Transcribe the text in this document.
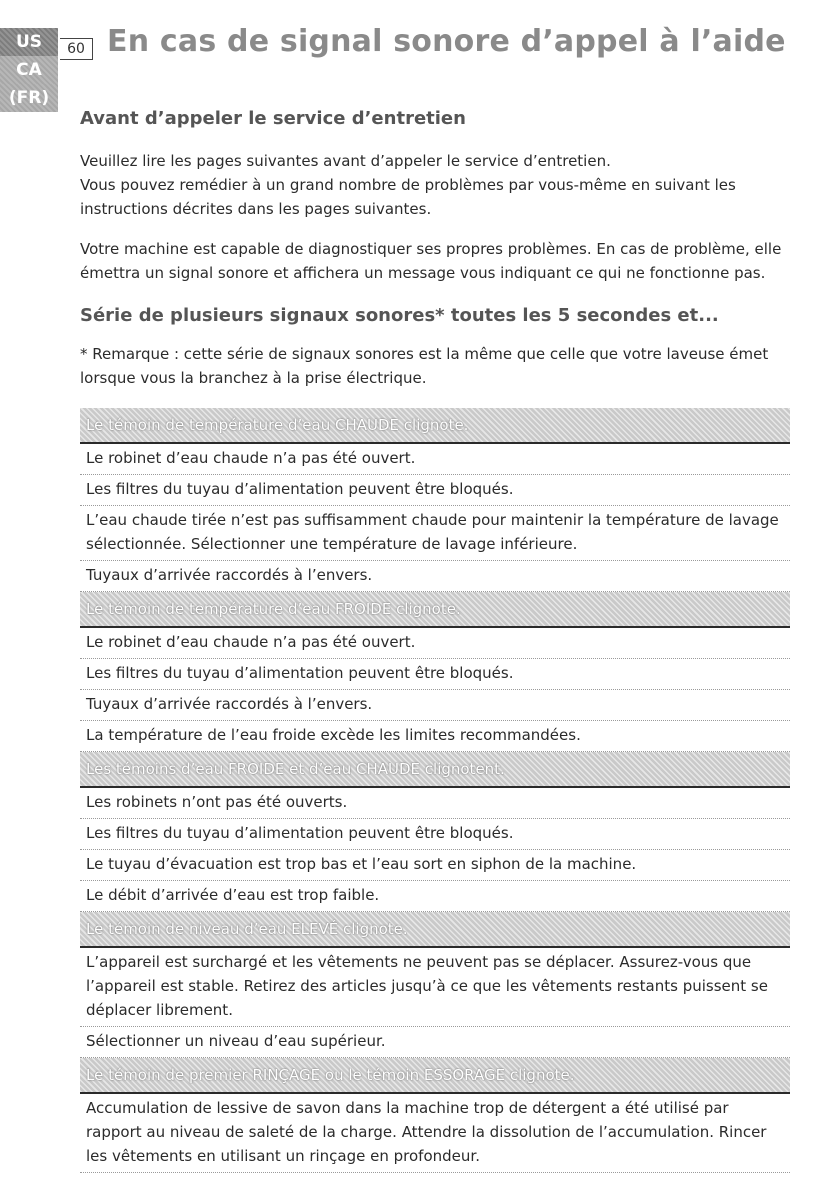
US
CA
(FR)
60 En cas de signal sonore d’appel à l’aide
Avant d’appeler le service d’entretien

Veuillez lire les pages suivantes avant d’appeler le service d’entretien.
Vous pouvez remédier à un grand nombre de problèmes par vous-même en suivant les instructions décrites dans les pages suivantes.

Votre machine est capable de diagnostiquer ses propres problèmes. En cas de problème, elle émettra un signal sonore et affichera un message vous indiquant ce qui ne fonctionne pas.

Série de plusieurs signaux sonores* toutes les 5 secondes et...

* Remarque : cette série de signaux sonores est la même que celle que votre laveuse émet lorsque vous la branchez à la prise électrique.

Le témoin de température d’eau CHAUDE clignote.
Le robinet d’eau chaude n’a pas été ouvert.
Les filtres du tuyau d’alimentation peuvent être bloqués.
L’eau chaude tirée n’est pas suffisamment chaude pour maintenir la température de lavage sélectionnée. Sélectionner une température de lavage inférieure.
Tuyaux d’arrivée raccordés à l’envers.
Le témoin de température d’eau FROIDE clignote.
Le robinet d’eau chaude n’a pas été ouvert.
Les filtres du tuyau d’alimentation peuvent être bloqués.
Tuyaux d’arrivée raccordés à l’envers.
La température de l’eau froide excède les limites recommandées.
Les témoins d’eau FROIDE et d’eau CHAUDE clignotent.
Les robinets n’ont pas été ouverts.
Les filtres du tuyau d’alimentation peuvent être bloqués.
Le tuyau d’évacuation est trop bas et l’eau sort en siphon de la machine.
Le débit d’arrivée d’eau est trop faible.
Le témoin de niveau d’eau ELEVÉ clignote.
L’appareil est surchargé et les vêtements ne peuvent pas se déplacer. Assurez-vous que l’appareil est stable. Retirez des articles jusqu’à ce que les vêtements restants puissent se déplacer librement.
Sélectionner un niveau d’eau supérieur.
Le témoin de premier RINÇAGE ou le témoin ESSORAGE clignote.
Accumulation de lessive de savon dans la machine trop de détergent a été utilisé par rapport au niveau de saleté de la charge. Attendre la dissolution de l’accumulation. Rincer les vêtements en utilisant un rinçage en profondeur.
